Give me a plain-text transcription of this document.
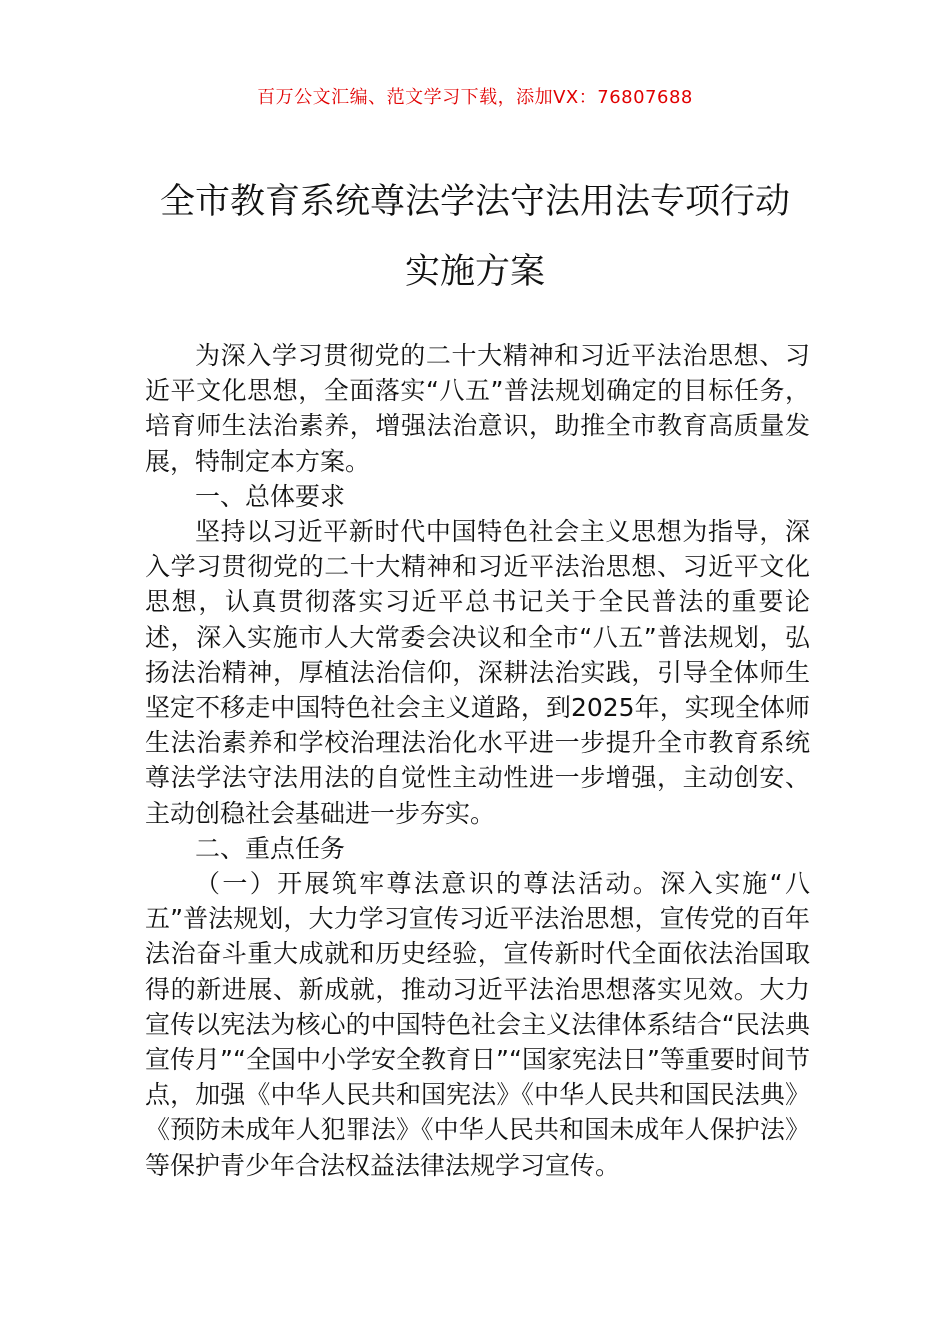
百万公文汇编、范文学习下载，添加VX：76807688
全市教育系统尊法学法守法用法专项行动
实施方案

为深入学习贯彻党的二十大精神和习近平法治思想、习近平文化思想，全面落实“八五”普法规划确定的目标任务，培育师生法治素养，增强法治意识，助推全市教育高质量发展，特制定本方案。

一、总体要求

坚持以习近平新时代中国特色社会主义思想为指导，深入学习贯彻党的二十大精神和习近平法治思想、习近平文化思想，认真贯彻落实习近平总书记关于全民普法的重要论述，深入实施市人大常委会决议和全市“八五”普法规划，弘扬法治精神，厚植法治信仰，深耕法治实践，引导全体师生坚定不移走中国特色社会主义道路，到2025年，实现全体师生法治素养和学校治理法治化水平进一步提升全市教育系统尊法学法守法用法的自觉性主动性进一步增强，主动创安、主动创稳社会基础进一步夯实。

二、重点任务

（一）开展筑牢尊法意识的尊法活动。深入实施“八五”普法规划，大力学习宣传习近平法治思想，宣传党的百年法治奋斗重大成就和历史经验，宣传新时代全面依法治国取得的新进展、新成就，推动习近平法治思想落实见效。大力宣传以宪法为核心的中国特色社会主义法律体系结合“民法典宣传月”“全国中小学安全教育日”“国家宪法日”等重要时间节点，加强《中华人民共和国宪法》《中华人民共和国民法典》《预防未成年人犯罪法》《中华人民共和国未成年人保护法》等保护青少年合法权益法律法规学习宣传。
